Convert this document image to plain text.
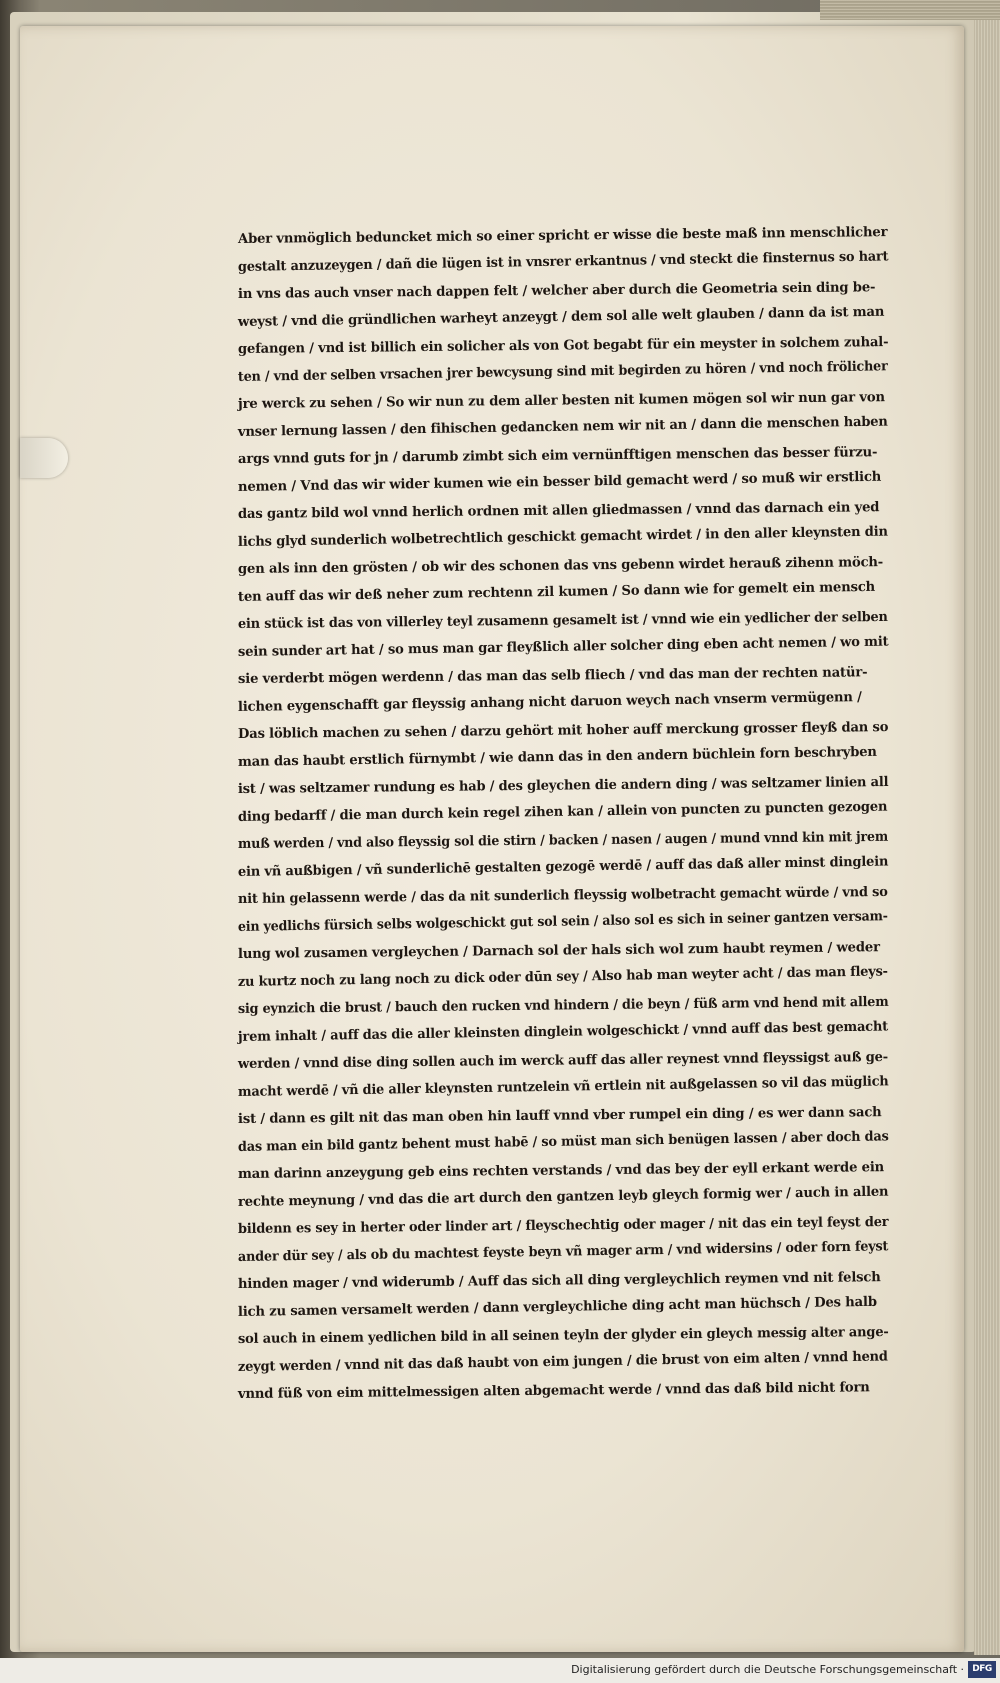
Aber vnmöglich beduncket mich so einer spricht er wisse die beste maß inn menschlicher
gestalt anzuzeygen / dañ die lügen ist in vnsrer erkantnus / vnd steckt die finsternus so hart
in vns das auch vnser nach dappen felt / welcher aber durch die Geometria sein ding be-
weyst / vnd die gründlichen warheyt anzeygt / dem sol alle welt glauben / dann da ist man
gefangen / vnd ist billich ein solicher als von Got begabt für ein meyster in solchem zuhal-
ten / vnd der selben vrsachen jrer bewcysung sind mit begirden zu hören / vnd noch frölicher
jre werck zu sehen / So wir nun zu dem aller besten nit kumen mögen sol wir nun gar von
vnser lernung lassen / den fihischen gedancken nem wir nit an / dann die menschen haben
args vnnd guts for jn / darumb zimbt sich eim vernünfftigen menschen das besser fürzu-
nemen / Vnd das wir wider kumen wie ein besser bild gemacht werd / so muß wir erstlich
das gantz bild wol vnnd herlich ordnen mit allen gliedmassen / vnnd das darnach ein yed
lichs glyd sunderlich wolbetrechtlich geschickt gemacht wirdet / in den aller kleynsten din
gen als inn den grösten / ob wir des schonen das vns gebenn wirdet herauß zihenn möch-
ten auff das wir deß neher zum rechtenn zil kumen / So dann wie for gemelt ein mensch
ein stück ist das von villerley teyl zusamenn gesamelt ist / vnnd wie ein yedlicher der selben
sein sunder art hat / so mus man gar fleyßlich aller solcher ding eben acht nemen / wo mit
sie verderbt mögen werdenn / das man das selb fliech / vnd das man der rechten natür-
lichen eygenschafft gar fleyssig anhang nicht daruon weych nach vnserm vermügenn /
Das löblich machen zu sehen / darzu gehört mit hoher auff merckung grosser fleyß dan so
man das haubt erstlich fürnymbt / wie dann das in den andern büchlein forn beschryben
ist / was seltzamer rundung es hab / des gleychen die andern ding / was seltzamer linien all
ding bedarff / die man durch kein regel zihen kan / allein von puncten zu puncten gezogen
muß werden / vnd also fleyssig sol die stirn / backen / nasen / augen / mund vnnd kin mit jrem
ein vñ außbigen / vñ sunderlichē gestalten gezogē werdē / auff das daß aller minst dinglein
nit hin gelassenn werde / das da nit sunderlich fleyssig wolbetracht gemacht würde / vnd so
ein yedlichs fürsich selbs wolgeschickt gut sol sein / also sol es sich in seiner gantzen versam-
lung wol zusamen vergleychen / Darnach sol der hals sich wol zum haubt reymen / weder
zu kurtz noch zu lang noch zu dick oder dūn sey / Also hab man weyter acht / das man fleys-
sig eynzich die brust / bauch den rucken vnd hindern / die beyn / füß arm vnd hend mit allem
jrem inhalt / auff das die aller kleinsten dinglein wolgeschickt / vnnd auff das best gemacht
werden / vnnd dise ding sollen auch im werck auff das aller reynest vnnd fleyssigst auß ge-
macht werdē / vñ die aller kleynsten runtzelein vñ ertlein nit außgelassen so vil das müglich
ist / dann es gilt nit das man oben hin lauff vnnd vber rumpel ein ding / es wer dann sach
das man ein bild gantz behent must habē / so müst man sich benügen lassen / aber doch das
man darinn anzeygung geb eins rechten verstands / vnd das bey der eyll erkant werde ein
rechte meynung / vnd das die art durch den gantzen leyb gleych formig wer / auch in allen
bildenn es sey in herter oder linder art / fleyschechtig oder mager / nit das ein teyl feyst der
ander dür sey / als ob du machtest feyste beyn vñ mager arm / vnd widersins / oder forn feyst
hinden mager / vnd widerumb / Auff das sich all ding vergleychlich reymen vnd nit felsch
lich zu samen versamelt werden / dann vergleychliche ding acht man hüchsch / Des halb
sol auch in einem yedlichen bild in all seinen teyln der glyder ein gleych messig alter ange-
zeygt werden / vnnd nit das daß haubt von eim jungen / die brust von eim alten / vnnd hend
vnnd füß von eim mittelmessigen alten abgemacht werde / vnnd das daß bild nicht forn
Digitalisierung gefördert durch die Deutsche Forschungsgemeinschaft · DFG
